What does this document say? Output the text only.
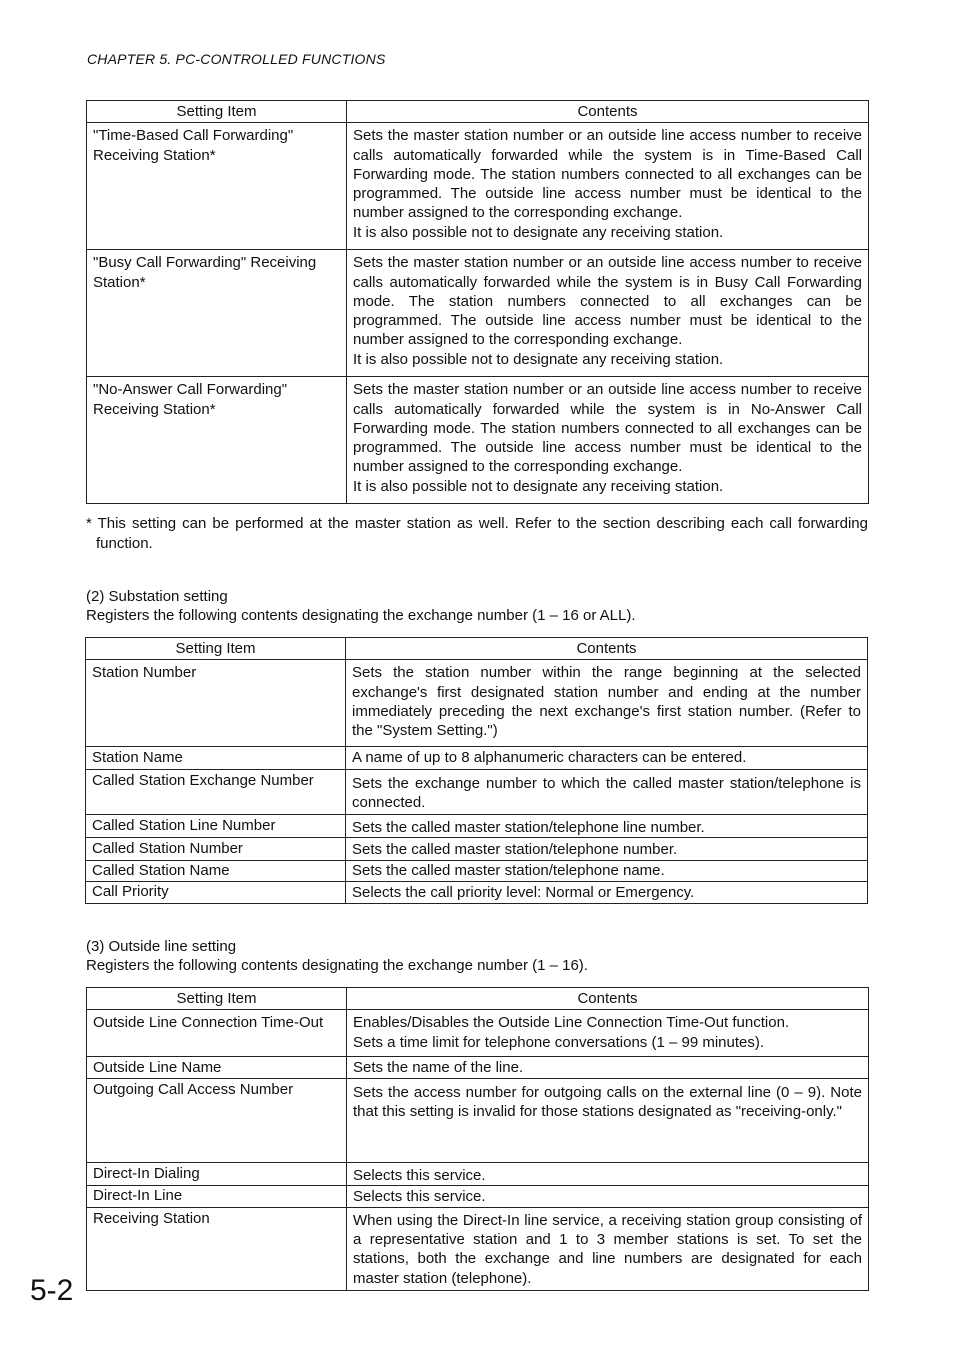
CHAPTER 5. PC-CONTROLLED FUNCTIONS
Setting Item	Contents
"Time-Based Call Forwarding" Receiving Station*	Sets the master station number or an outside line access number to receive calls automatically forwarded while the system is in Time-Based Call Forwarding mode. The station numbers connected to all exchanges can be programmed. The outside line access number must be identical to the number assigned to the corresponding exchange.
It is also possible not to designate any receiving station.

"Busy Call Forwarding" Receiving Station*	Sets the master station number or an outside line access number to receive calls automatically forwarded while the system is in Busy Call Forwarding mode. The station numbers connected to all exchanges can be programmed. The outside line access number must be identical to the number assigned to the corresponding exchange.
It is also possible not to designate any receiving station.

"No-Answer Call Forwarding" Receiving Station*	Sets the master station number or an outside line access number to receive calls automatically forwarded while the system is in No-Answer Call Forwarding mode. The station numbers connected to all exchanges can be programmed. The outside line access number must be identical to the number assigned to the corresponding exchange.
It is also possible not to designate any receiving station.
* This setting can be performed at the master station as well. Refer to the section describing each call forwarding function.
(2) Substation setting
Registers the following contents designating the exchange number (1 – 16 or ALL).
Setting Item	Contents
Station Number	Sets the station number within the range beginning at the selected exchange's first designated station number and ending at the number immediately preceding the next exchange's first station number. (Refer to the "System Setting.")
Station Name	A name of up to 8 alphanumeric characters can be entered.
Called Station Exchange Number	Sets the exchange number to which the called master station/telephone is connected.
Called Station Line Number	Sets the called master station/telephone line number.
Called Station Number	Sets the called master station/telephone number.
Called Station Name	Sets the called master station/telephone name.
Call Priority	Selects the call priority level: Normal or Emergency.
(3) Outside line setting
Registers the following contents designating the exchange number (1 – 16).
Setting Item	Contents
Outside Line Connection Time-Out	Enables/Disables the Outside Line Connection Time-Out function.
Sets a time limit for telephone conversations (1 – 99 minutes).

Outside Line Name	Sets the name of the line.
Outgoing Call Access Number	Sets the access number for outgoing calls on the external line (0 – 9). Note that this setting is invalid for those stations designated as "receiving-only."
Direct-In Dialing	Selects this service.
Direct-In Line	Selects this service.
Receiving Station	When using the Direct-In line service, a receiving station group consisting of a representative station and 1 to 3 member stations is set. To set the stations, both the exchange and line numbers are designated for each master station (telephone).
5-2
